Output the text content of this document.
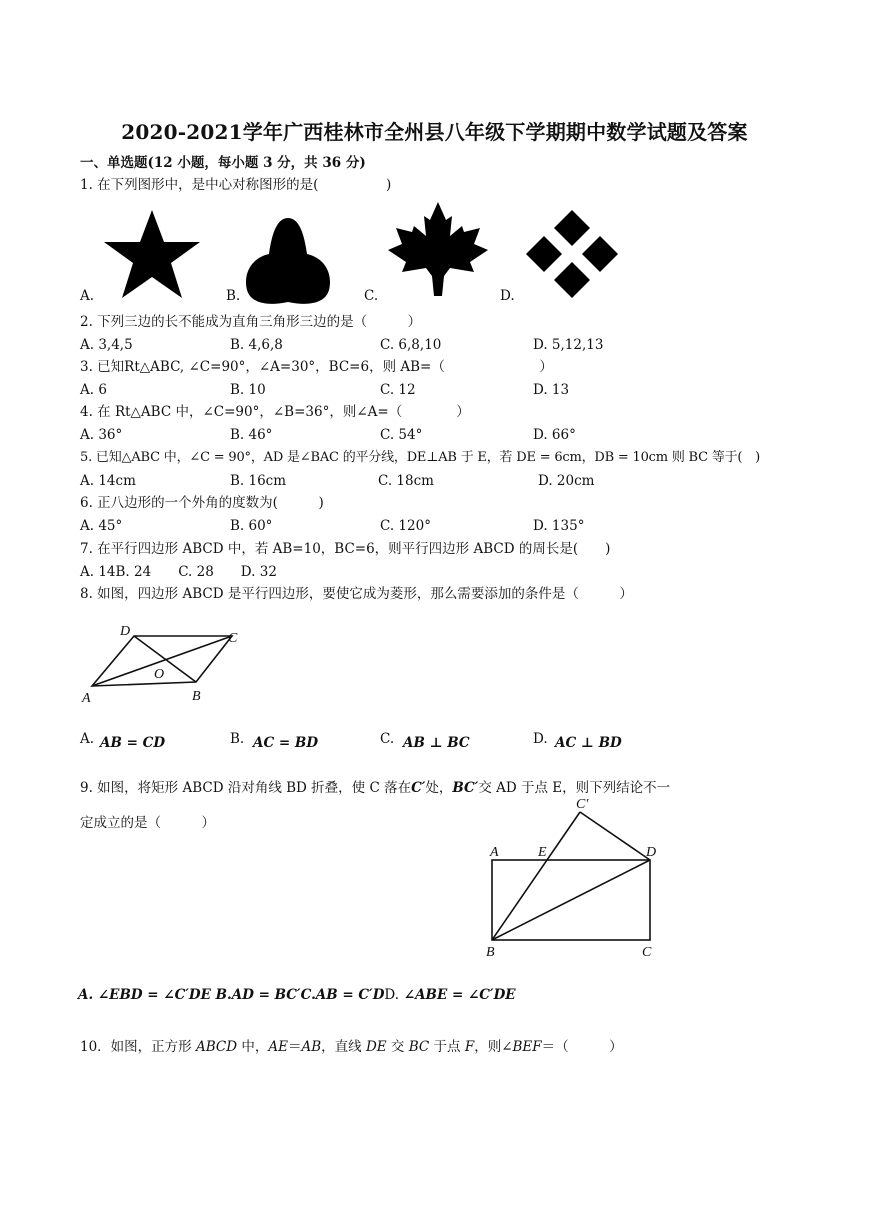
2020-2021学年广西桂林市全州县八年级下学期期中数学试题及答案
一、单选题(12 小题，每小题 3 分，共 36 分)
1. 在下列图形中，是中心对称图形的是(　　　　　)
A.	B.	C.	D.
2. 下列三边的长不能成为直角三角形三边的是（　　　）
A. 3,4,5	B. 4,6,8	C. 6,8,10	D. 5,12,13
3. 已知Rt△ABC, ∠C=90°，∠A=30°，BC=6，则 AB=（　　　　　　　）
A. 6	B. 10	C. 12	D. 13
4. 在 Rt△ABC 中，∠C=90°，∠B=36°，则∠A=（　　　　）
A. 36°	B. 46°	C. 54°	D. 66°
5. 已知△ABC 中，∠C = 90°，AD 是∠BAC 的平分线，DE⊥AB 于 E，若 DE = 6cm，DB = 10cm 则 BC 等于(　)
A. 14cm	B. 16cm	C. 18cm	D. 20cm
6. 正八边形的一个外角的度数为(　　　)
A. 45°	B. 60°	C. 120°	D. 135°
7. 在平行四边形 ABCD 中，若 AB=10，BC=6，则平行四边形 ABCD 的周长是(　　)
A. 14B. 24　　C. 28　　D. 32
8. 如图，四边形 ABCD 是平行四边形，要使它成为菱形，那么需要添加的条件是（　　　）
D	C
O
A	B
A. AB = CD	B. AC = BD	C. AB ⊥ BC	D. AC ⊥ BD
9. 如图，将矩形 ABCD 沿对角线 BD 折叠，使 C 落在C′处，BC′交 AD 于点 E，则下列结论不一
定成立的是（　　　）
C′
A	E	D
B	C
A. ∠EBD = ∠C′DE B.AD = BC′C.AB = C′DD. ∠ABE = ∠C′DE
10．如图，正方形 ABCD 中，AE＝AB，直线 DE 交 BC 于点 F，则∠BEF＝（　　　）
